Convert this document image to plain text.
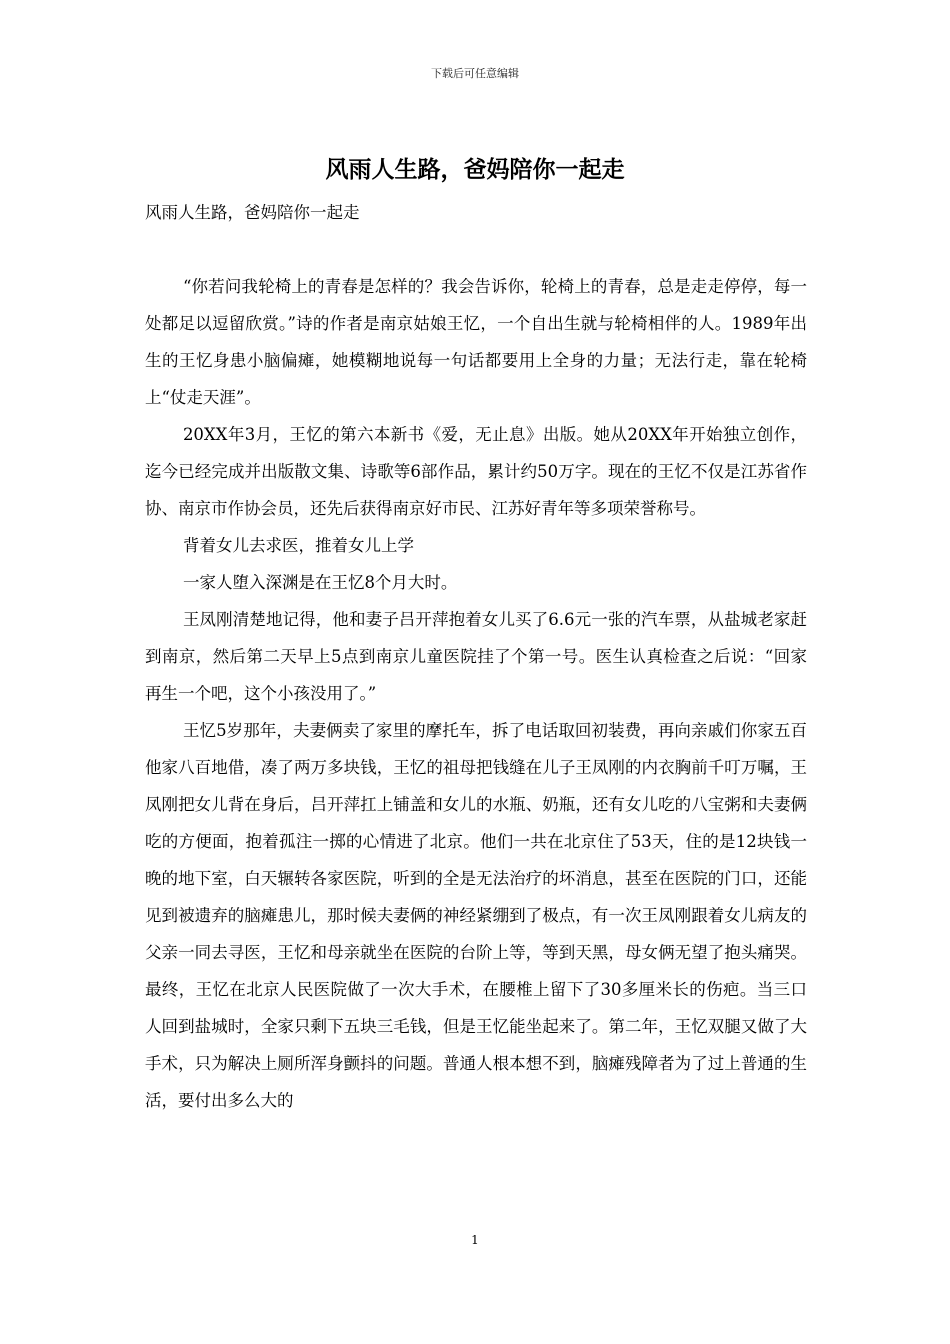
下载后可任意编辑
风雨人生路，爸妈陪你一起走

风雨人生路，爸妈陪你一起走

“你若问我轮椅上的青春是怎样的？我会告诉你，轮椅上的青春，总是走走停停，每一处都足以逗留欣赏。”诗的作者是南京姑娘王忆，一个自出生就与轮椅相伴的人。1989年出生的王忆身患小脑偏瘫，她模糊地说每一句话都要用上全身的力量；无法行走，靠在轮椅上“仗走天涯”。

20XX年3月，王忆的第六本新书《爱，无止息》出版。她从20XX年开始独立创作，迄今已经完成并出版散文集、诗歌等6部作品，累计约50万字。现在的王忆不仅是江苏省作协、南京市作协会员，还先后获得南京好市民、江苏好青年等多项荣誉称号。

背着女儿去求医，推着女儿上学

一家人堕入深渊是在王忆8个月大时。

王凤刚清楚地记得，他和妻子吕开萍抱着女儿买了6.6元一张的汽车票，从盐城老家赶到南京，然后第二天早上5点到南京儿童医院挂了个第一号。医生认真检查之后说：“回家再生一个吧，这个小孩没用了。”

王忆5岁那年，夫妻俩卖了家里的摩托车，拆了电话取回初装费，再向亲戚们你家五百他家八百地借，凑了两万多块钱，王忆的祖母把钱缝在儿子王凤刚的内衣胸前千叮万嘱，王凤刚把女儿背在身后，吕开萍扛上铺盖和女儿的水瓶、奶瓶，还有女儿吃的八宝粥和夫妻俩吃的方便面，抱着孤注一掷的心情进了北京。他们一共在北京住了53天，住的是12块钱一晚的地下室，白天辗转各家医院，听到的全是无法治疗的坏消息，甚至在医院的门口，还能见到被遗弃的脑瘫患儿，那时候夫妻俩的神经紧绷到了极点，有一次王凤刚跟着女儿病友的父亲一同去寻医，王忆和母亲就坐在医院的台阶上等，等到天黑，母女俩无望了抱头痛哭。最终，王忆在北京人民医院做了一次大手术，在腰椎上留下了30多厘米长的伤疤。当三口人回到盐城时，全家只剩下五块三毛钱，但是王忆能坐起来了。第二年，王忆双腿又做了大手术，只为解决上厕所浑身颤抖的问题。普通人根本想不到，脑瘫残障者为了过上普通的生活，要付出多么大的

1
